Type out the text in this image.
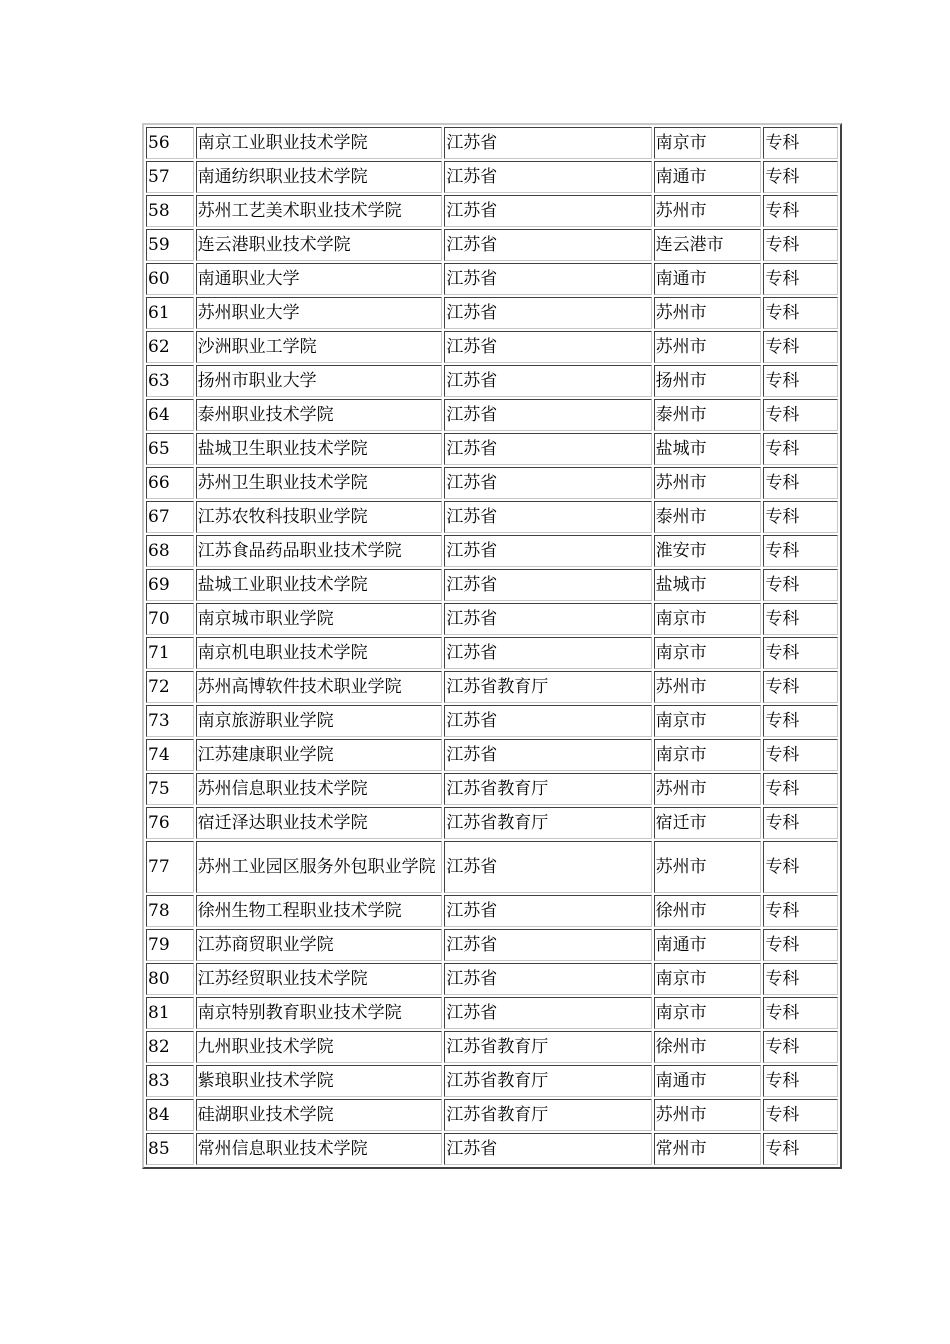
56	南京工业职业技术学院	江苏省	南京市	专科
57	南通纺织职业技术学院	江苏省	南通市	专科
58	苏州工艺美术职业技术学院	江苏省	苏州市	专科
59	连云港职业技术学院	江苏省	连云港市	专科
60	南通职业大学	江苏省	南通市	专科
61	苏州职业大学	江苏省	苏州市	专科
62	沙洲职业工学院	江苏省	苏州市	专科
63	扬州市职业大学	江苏省	扬州市	专科
64	泰州职业技术学院	江苏省	泰州市	专科
65	盐城卫生职业技术学院	江苏省	盐城市	专科
66	苏州卫生职业技术学院	江苏省	苏州市	专科
67	江苏农牧科技职业学院	江苏省	泰州市	专科
68	江苏食品药品职业技术学院	江苏省	淮安市	专科
69	盐城工业职业技术学院	江苏省	盐城市	专科
70	南京城市职业学院	江苏省	南京市	专科
71	南京机电职业技术学院	江苏省	南京市	专科
72	苏州高博软件技术职业学院	江苏省教育厅	苏州市	专科
73	南京旅游职业学院	江苏省	南京市	专科
74	江苏建康职业学院	江苏省	南京市	专科
75	苏州信息职业技术学院	江苏省教育厅	苏州市	专科
76	宿迁泽达职业技术学院	江苏省教育厅	宿迁市	专科
77	苏州工业园区服务外包职业学院	江苏省	苏州市	专科
78	徐州生物工程职业技术学院	江苏省	徐州市	专科
79	江苏商贸职业学院	江苏省	南通市	专科
80	江苏经贸职业技术学院	江苏省	南京市	专科
81	南京特别教育职业技术学院	江苏省	南京市	专科
82	九州职业技术学院	江苏省教育厅	徐州市	专科
83	紫琅职业技术学院	江苏省教育厅	南通市	专科
84	硅湖职业技术学院	江苏省教育厅	苏州市	专科
85	常州信息职业技术学院	江苏省	常州市	专科
